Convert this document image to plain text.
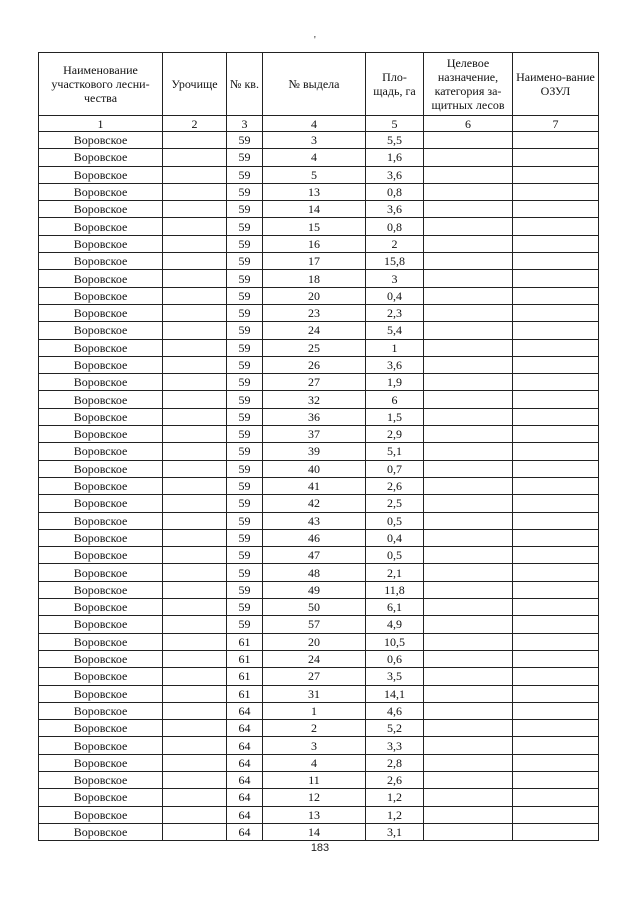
'
Наименование участкового лесни-чества	Урочище	№ кв.	№ выдела	Пло-щадь, га	Целевое назначение, категория за-щитных лесов	Наимено-вание ОЗУЛ
1	2	3	4	5	6	7
Воровское		59	3	5,5		
Воровское		59	4	1,6		
Воровское		59	5	3,6		
Воровское		59	13	0,8		
Воровское		59	14	3,6		
Воровское		59	15	0,8		
Воровское		59	16	2		
Воровское		59	17	15,8		
Воровское		59	18	3		
Воровское		59	20	0,4		
Воровское		59	23	2,3		
Воровское		59	24	5,4		
Воровское		59	25	1		
Воровское		59	26	3,6		
Воровское		59	27	1,9		
Воровское		59	32	6		
Воровское		59	36	1,5		
Воровское		59	37	2,9		
Воровское		59	39	5,1		
Воровское		59	40	0,7		
Воровское		59	41	2,6		
Воровское		59	42	2,5		
Воровское		59	43	0,5		
Воровское		59	46	0,4		
Воровское		59	47	0,5		
Воровское		59	48	2,1		
Воровское		59	49	11,8		
Воровское		59	50	6,1		
Воровское		59	57	4,9		
Воровское		61	20	10,5		
Воровское		61	24	0,6		
Воровское		61	27	3,5		
Воровское		61	31	14,1		
Воровское		64	1	4,6		
Воровское		64	2	5,2		
Воровское		64	3	3,3		
Воровское		64	4	2,8		
Воровское		64	11	2,6		
Воровское		64	12	1,2		
Воровское		64	13	1,2		
Воровское		64	14	3,1		
183
